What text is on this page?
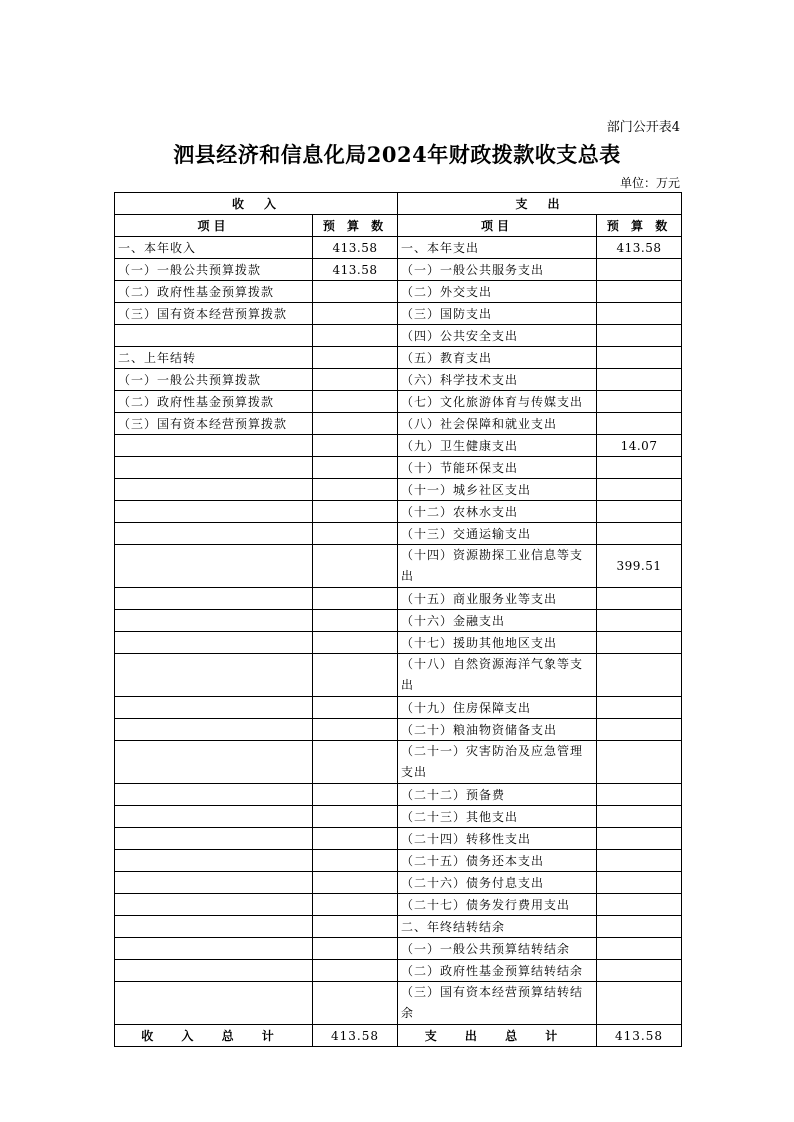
部门公开表4
泗县经济和信息化局2024年财政拨款收支总表
单位：万元
收　入		支　出	
项目	预 算 数	项目	预 算 数
一、本年收入	413.58	一、本年支出	413.58
（一）一般公共预算拨款	413.58	（一）一般公共服务支出	
（二）政府性基金预算拨款		（二）外交支出	
（三）国有资本经营预算拨款		（三）国防支出	
		（四）公共安全支出	
二、上年结转		（五）教育支出	
（一）一般公共预算拨款		（六）科学技术支出	
（二）政府性基金预算拨款		（七）文化旅游体育与传媒支出	
（三）国有资本经营预算拨款		（八）社会保障和就业支出	
		（九）卫生健康支出	14.07
		（十）节能环保支出	
		（十一）城乡社区支出	
		（十二）农林水支出	
		（十三）交通运输支出	
		（十四）资源勘探工业信息等支出	399.51
		（十五）商业服务业等支出	
		（十六）金融支出	
		（十七）援助其他地区支出	
		（十八）自然资源海洋气象等支出	
		（十九）住房保障支出	
		（二十）粮油物资储备支出	
		（二十一）灾害防治及应急管理支出	
		（二十二）预备费	
		（二十三）其他支出	
		（二十四）转移性支出	
		（二十五）债务还本支出	
		（二十六）债务付息支出	
		（二十七）债务发行费用支出	
		二、年终结转结余	
		（一）一般公共预算结转结余	
		（二）政府性基金预算结转结余	
		（三）国有资本经营预算结转结余	
收 入 总 计	413.58	支 出 总 计	413.58
